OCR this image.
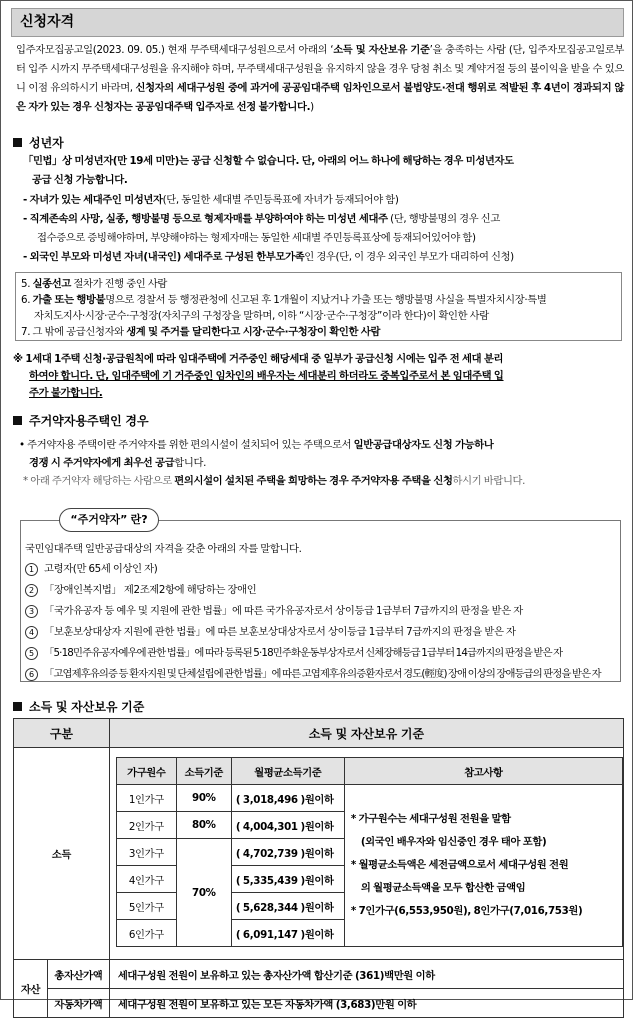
신청자격
입주자모집공고일(2023. 09. 05.) 현재 무주택세대구성원으로서 아래의 ‘소득 및 자산보유 기준’을 충족하는 사람 (단, 입주자모집공고일로부터 입주 시까지 무주택세대구성원을 유지해야 하며, 무주택세대구성원을 유지하지 않을 경우 당첨 취소 및 계약거절 등의 불이익을 받을 수 있으니 이점 유의하시기 바라며, 신청자의 세대구성원 중에 과거에 공공임대주택 임차인으로서 불법양도·전대 행위로 적발된 후 4년이 경과되지 않은 자가 있는 경우 신청자는 공공임대주택 입주자로 선정 불가합니다.)
성년자
「민법」상 미성년자(만 19세 미만)는 공급 신청할 수 없습니다. 단, 아래의 어느 하나에 해당하는 경우 미성년자도
공급 신청 가능합니다.
- 자녀가 있는 세대주인 미성년자(단, 동일한 세대별 주민등록표에 자녀가 등재되어야 함)
- 직계존속의 사망, 실종, 행방불명 등으로 형제자매를 부양하여야 하는 미성년 세대주 (단, 행방불명의 경우 신고
접수증으로 증빙해야하며, 부양해야하는 형제자매는 동일한 세대별 주민등록표상에 등재되어있어야 함)
- 외국인 부모와 미성년 자녀(내국인) 세대주로 구성된 한부모가족인 경우(단, 이 경우 외국인 부모가 대리하여 신청)
5. 실종선고 절차가 진행 중인 사람
6. 가출 또는 행방불명으로 경찰서 등 행정관청에 신고된 후 1개월이 지났거나 가출 또는 행방불명 사실을 특별자치시장·특별
자치도지사·시장·군수·구청장(자치구의 구청장을 말하며, 이하 “시장·군수·구청장”이라 한다)이 확인한 사람
7. 그 밖에 공급신청자와 생계 및 주거를 달리한다고 시장·군수·구청장이 확인한 사람
※ 1세대 1주택 신청·공급원칙에 따라 임대주택에 거주중인 해당세대 중 일부가 공급신청 시에는 입주 전 세대 분리
하여야 합니다. 단, 임대주택에 기 거주중인 임차인의 배우자는 세대분리 하더라도 중복입주로서 본 임대주택 입
주가 불가합니다.
주거약자용주택인 경우
• 주거약자용 주택이란 주거약자를 위한 편의시설이 설치되어 있는 주택으로서 일반공급대상자도 신청 가능하나
경쟁 시 주거약자에게 최우선 공급합니다.
* 아래 주거약자 해당하는 사람으로 편의시설이 설치된 주택을 희망하는 경우 주거약자용 주택을 신청하시기 바랍니다.
“주거약자” 란?
국민임대주택 일반공급대상의 자격을 갖춘 아래의 자를 말합니다.
1 고령자(만 65세 이상인 자)
2 「장애인복지법」 제2조제2항에 해당하는 장애인
3 「국가유공자 등 예우 및 지원에 관한 법률」에 따른 국가유공자로서 상이등급 1급부터 7급까지의 판정을 받은 자
4 「보훈보상대상자 지원에 관한 법률」에 따른 보훈보상대상자로서 상이등급 1급부터 7급까지의 판정을 받은 자
5 「5·18민주유공자예우에 관한 법률」에 따라 등록된 5·18민주화운동부상자로서 신체장해등급 1급부터 14급까지의 판정을 받은 자
6 「고엽제후유의증 등 환자지원 및 단체설립에 관한 법률」에 따른 고엽제후유의증환자로서 경도(輕度) 장애 이상의 장애등급의 판정을 받은 자
소득 및 자산보유 기준
구분	소득 및 자산보유 기준
소득	
가구원수	소득기준	월평균소득기준	참고사항
1인가구	90%	( 3,018,496 )원이하	
* 가구원수는 세대구성원 전원을 말함
(외국인 배우자와 임신중인 경우 태아 포함)
* 월평균소득액은 세전금액으로서 세대구성원 전원
의 월평균소득액을 모두 합산한 금액임
* 7인가구(6,553,950원), 8인가구(7,016,753원)

2인가구	80%	( 4,004,301 )원이하
3인가구	70%	( 4,702,739 )원이하
4인가구	( 5,335,439 )원이하
5인가구	( 5,628,344 )원이하
6인가구	( 6,091,147 )원이하

자산	총자산가액	세대구성원 전원이 보유하고 있는 총자산가액 합산기준 (361)백만원 이하
자동차가액	세대구성원 전원이 보유하고 있는 모든 자동차가액 (3,683)만원 이하
